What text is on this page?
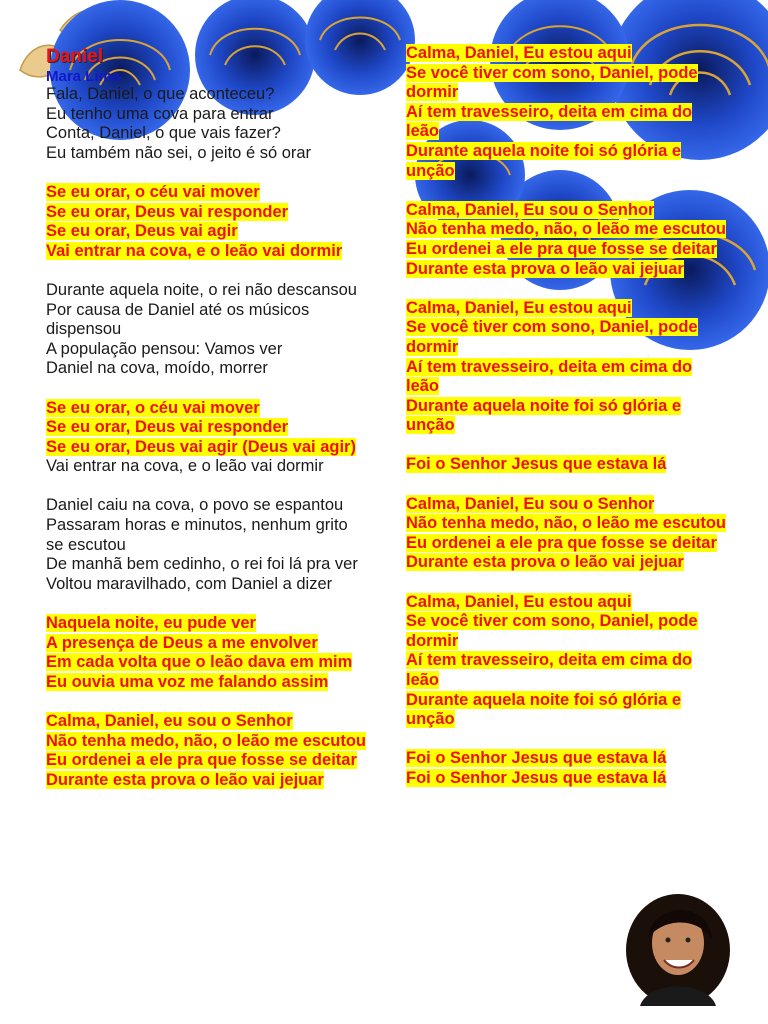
Daniel
Mara Lima
Fala, Daniel, o que aconteceu?
Eu tenho uma cova para entrar
Conta, Daniel, o que vais fazer?
Eu também não sei, o jeito é só orar
Se eu orar, o céu vai mover
Se eu orar, Deus vai responder
Se eu orar, Deus vai agir
Vai entrar na cova, e o leão vai dormir
Durante aquela noite, o rei não descansou
Por causa de Daniel até os músicos dispensou
A população pensou: Vamos ver
Daniel na cova, moído, morrer
Se eu orar, o céu vai mover
Se eu orar, Deus vai responder
Se eu orar, Deus vai agir (Deus vai agir)
Vai entrar na cova, e o leão vai dormir
Daniel caiu na cova, o povo se espantou
Passaram horas e minutos, nenhum grito se escutou
De manhã bem cedinho, o rei foi lá pra ver
Voltou maravilhado, com Daniel a dizer
Naquela noite, eu pude ver
A presença de Deus a me envolver
Em cada volta que o leão dava em mim
Eu ouvia uma voz me falando assim
Calma, Daniel, eu sou o Senhor
Não tenha medo, não, o leão me escutou
Eu ordenei a ele pra que fosse se deitar
Durante esta prova o leão vai jejuar
Calma, Daniel, Eu estou aqui
Se você tiver com sono, Daniel, pode dormir
Aí tem travesseiro, deita em cima do leão
Durante aquela noite foi só glória e unção
Calma, Daniel, Eu sou o Senhor
Não tenha medo, não, o leão me escutou
Eu ordenei a ele pra que fosse se deitar
Durante esta prova o leão vai jejuar
Calma, Daniel, Eu estou aqui
Se você tiver com sono, Daniel, pode dormir
Aí tem travesseiro, deita em cima do leão
Durante aquela noite foi só glória e unção
Foi o Senhor Jesus que estava lá
Calma, Daniel, Eu sou o Senhor
Não tenha medo, não, o leão me escutou
Eu ordenei a ele pra que fosse se deitar
Durante esta prova o leão vai jejuar
Calma, Daniel, Eu estou aqui
Se você tiver com sono, Daniel, pode dormir
Aí tem travesseiro, deita em cima do leão
Durante aquela noite foi só glória e unção
Foi o Senhor Jesus que estava lá
Foi o Senhor Jesus que estava lá
